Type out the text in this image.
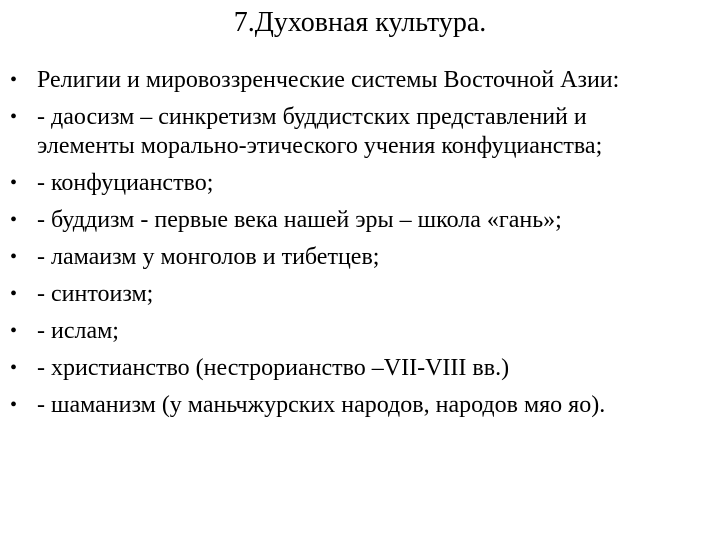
7.Духовная культура.
• Религии и мировоззренческие системы Восточной Азии:
• - даосизм – синкретизм буддистских представлений и элементы морально-этического учения конфуцианства;
• - конфуцианство;
• - буддизм - первые века нашей эры – школа «гань»;
• - ламаизм у монголов и тибетцев;
• - синтоизм;
• - ислам;
• - христианство (нестрорианство –VII-VIII вв.)
• - шаманизм (у маньчжурских народов, народов мяо яо).
